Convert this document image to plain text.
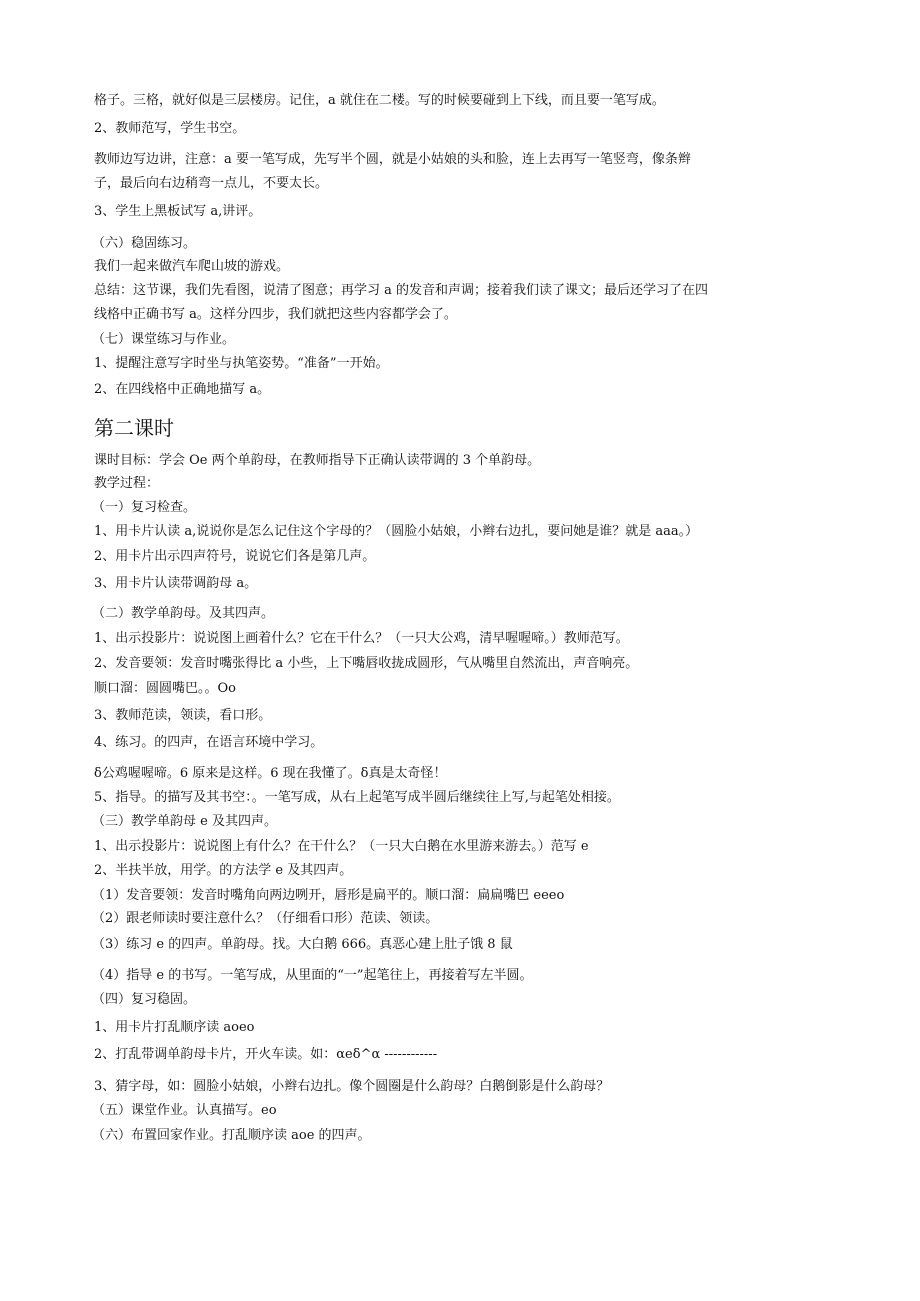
格子。三格，就好似是三层楼房。记住，a 就住在二楼。写的时候要碰到上下线，而且要一笔写成。
2、教师范写，学生书空。
教师边写边讲，注意：a 要一笔写成，先写半个圆，就是小姑娘的头和脸，连上去再写一笔竖弯，像条辫
子，最后向右边稍弯一点儿，不要太长。
3、学生上黑板试写 a,讲评。
（六）稳固练习。
我们一起来做汽车爬山坡的游戏。
总结：这节课，我们先看图，说清了图意；再学习 a 的发音和声调；接着我们读了课文；最后还学习了在四
线格中正确书写 a。这样分四步，我们就把这些内容都学会了。
（七）课堂练习与作业。
1、提醒注意写字时坐与执笔姿势。“准备”一开始。
2、在四线格中正确地描写 a。
第二课时
课时目标：学会 Oe 两个单韵母，在教师指导下正确认读带调的 3 个单韵母。
教学过程：
（一）复习检查。
1、用卡片认读 a,说说你是怎么记住这个字母的？（圆脸小姑娘，小辫右边扎，要问她是谁？就是 aaa。）
2、用卡片出示四声符号，说说它们各是第几声。
3、用卡片认读带调韵母 a。
（二）教学单韵母。及其四声。
1、出示投影片：说说图上画着什么？它在干什么？（一只大公鸡，清早喔喔啼。）教师范写。
2、发音要领：发音时嘴张得比 a 小些，上下嘴唇收拢成圆形，气从嘴里自然流出，声音响亮。
顺口溜：圆圆嘴巴。。Oo
3、教师范读，领读，看口形。
4、练习。的四声，在语言环境中学习。
δ公鸡喔喔啼。6 原来是这样。6 现在我懂了。δ真是太奇怪！
5、指导。的描写及其书空：。一笔写成，从右上起笔写成半圆后继续往上写,与起笔处相接。
（三）教学单韵母 e 及其四声。
1、出示投影片：说说图上有什么？在干什么？（一只大白鹅在水里游来游去。）范写 e
2、半扶半放，用学。的方法学 e 及其四声。
（1）发音要领：发音时嘴角向两边咧开，唇形是扁平的。顺口溜：扁扁嘴巴 eeeo
（2）跟老师读时要注意什么？（仔细看口形）范读、领读。
（3）练习 e 的四声。单韵母。找。大白鹅 666。真恶心建上肚子饿 8 鼠
（4）指导 e 的书写。一笔写成，从里面的“一”起笔往上，再接着写左半圆。
（四）复习稳固。
1、用卡片打乱顺序读 aoeo
2、打乱带调单韵母卡片，开火车读。如：αeδ^α ------------
3、猜字母，如：圆脸小姑娘，小辫右边扎。像个圆圈是什么韵母？白鹅倒影是什么韵母？
（五）课堂作业。认真描写。eo
（六）布置回家作业。打乱顺序读 aoe 的四声。
